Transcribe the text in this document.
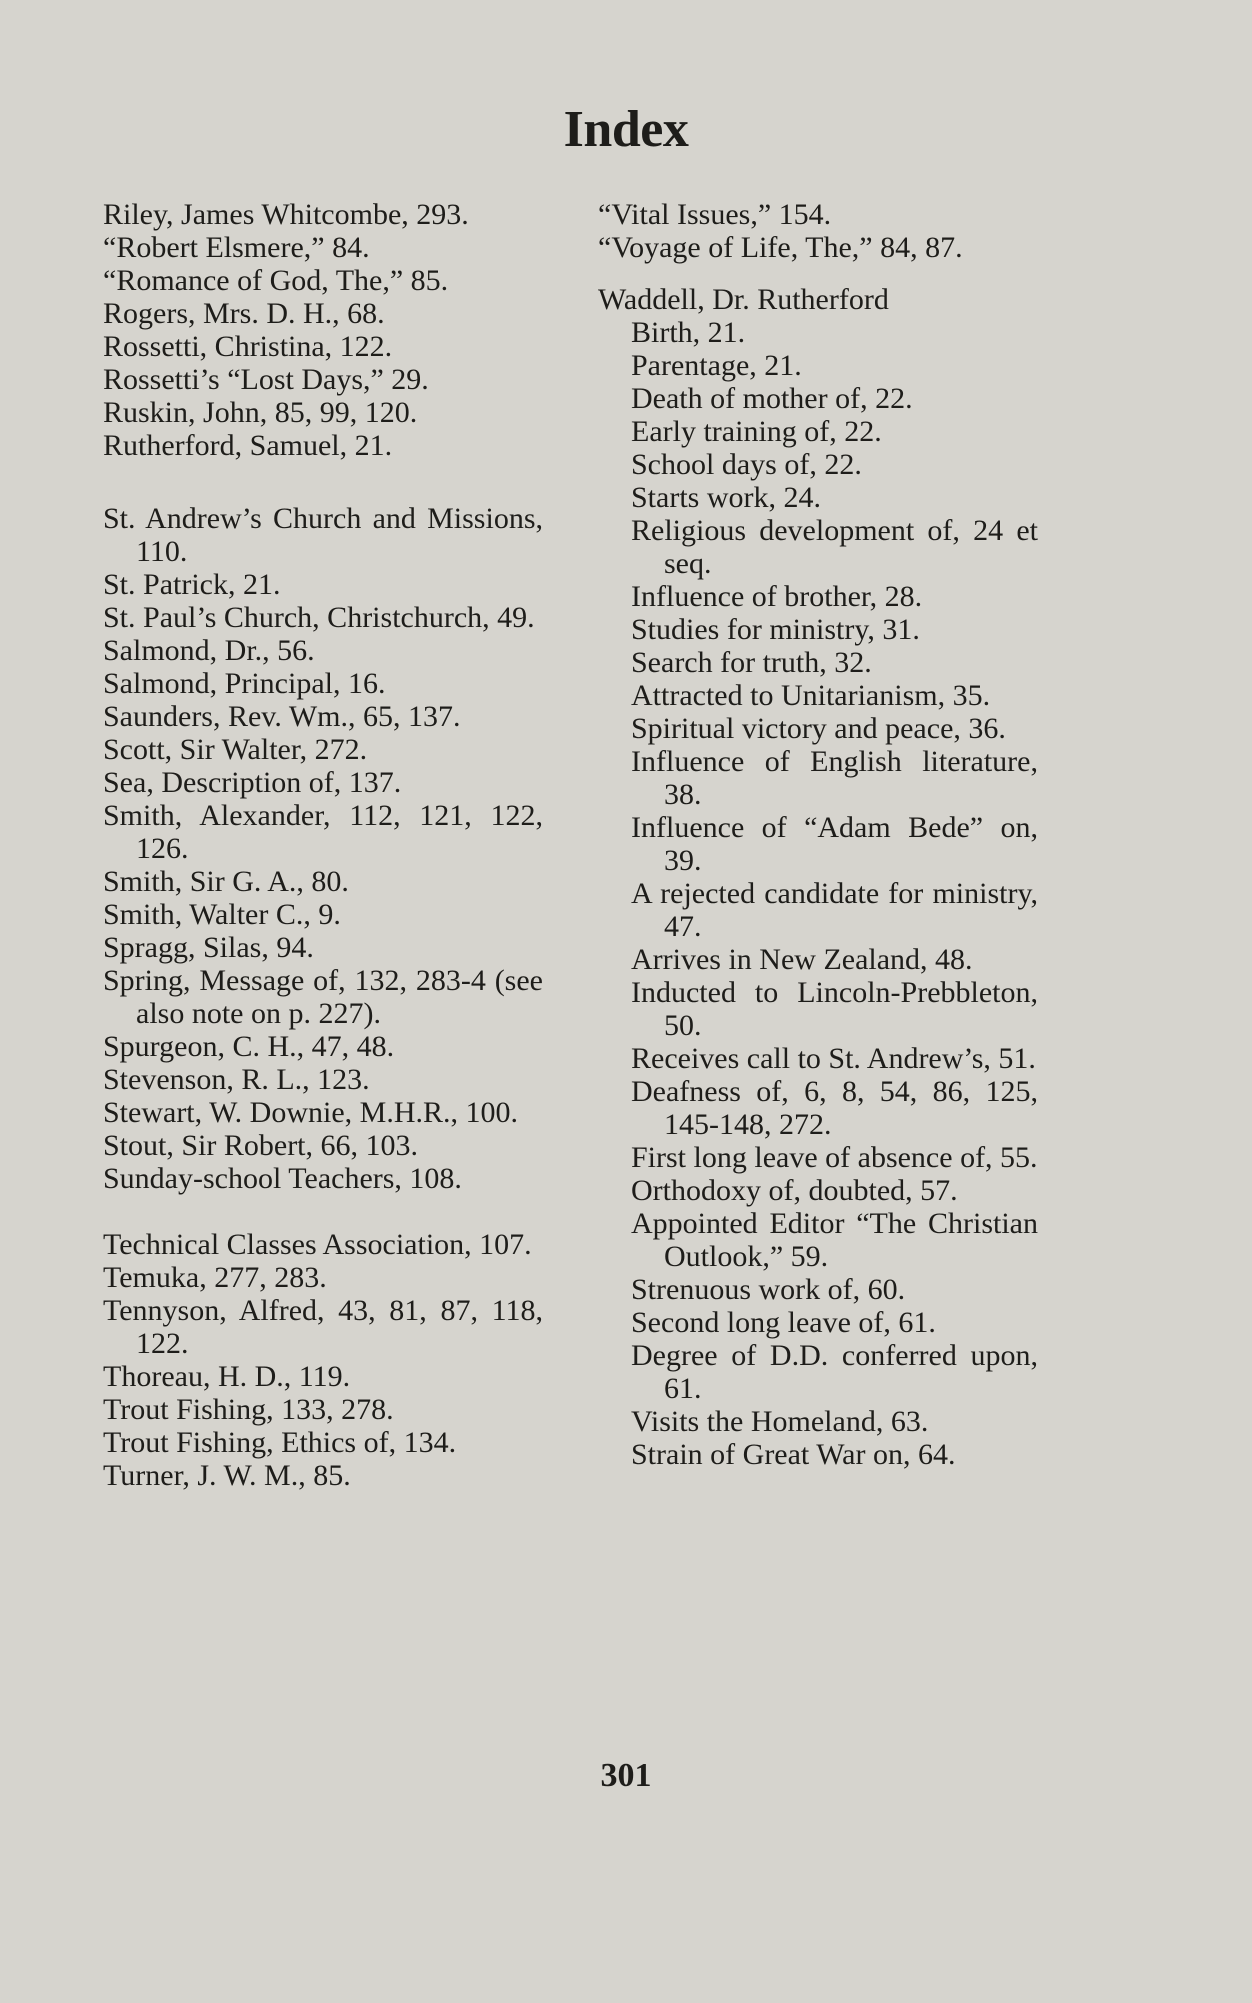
Index
Riley, James Whitcombe, 293.
“Robert Elsmere,” 84.
“Romance of God, The,” 85.
Rogers, Mrs. D. H., 68.
Rossetti, Christina, 122.
Rossetti’s “Lost Days,” 29.
Ruskin, John, 85, 99, 120.
Rutherford, Samuel, 21.
St. Andrew’s Church and Missions, 110.
St. Patrick, 21.
St. Paul’s Church, Christchurch, 49.
Salmond, Dr., 56.
Salmond, Principal, 16.
Saunders, Rev. Wm., 65, 137.
Scott, Sir Walter, 272.
Sea, Description of, 137.
Smith, Alexander, 112, 121, 122, 126.
Smith, Sir G. A., 80.
Smith, Walter C., 9.
Spragg, Silas, 94.
Spring, Message of, 132, 283-4 (see also note on p. 227).
Spurgeon, C. H., 47, 48.
Stevenson, R. L., 123.
Stewart, W. Downie, M.H.R., 100.
Stout, Sir Robert, 66, 103.
Sunday-school Teachers, 108.
Technical Classes Association, 107.
Temuka, 277, 283.
Tennyson, Alfred, 43, 81, 87, 118, 122.
Thoreau, H. D., 119.
Trout Fishing, 133, 278.
Trout Fishing, Ethics of, 134.
Turner, J. W. M., 85.
“Vital Issues,” 154.
“Voyage of Life, The,” 84, 87.
Waddell, Dr. Rutherford
Birth, 21.
Parentage, 21.
Death of mother of, 22.
Early training of, 22.
School days of, 22.
Starts work, 24.
Religious development of, 24 et seq.
Influence of brother, 28.
Studies for ministry, 31.
Search for truth, 32.
Attracted to Unitarianism, 35.
Spiritual victory and peace, 36.
Influence of English literature, 38.
Influence of “Adam Bede” on, 39.
A rejected candidate for ministry, 47.
Arrives in New Zealand, 48.
Inducted to Lincoln-Prebbleton, 50.
Receives call to St. Andrew’s, 51.
Deafness of, 6, 8, 54, 86, 125, 145-148, 272.
First long leave of absence of, 55.
Orthodoxy of, doubted, 57.
Appointed Editor “The Christian Outlook,” 59.
Strenuous work of, 60.
Second long leave of, 61.
Degree of D.D. conferred upon, 61.
Visits the Homeland, 63.
Strain of Great War on, 64.
301
